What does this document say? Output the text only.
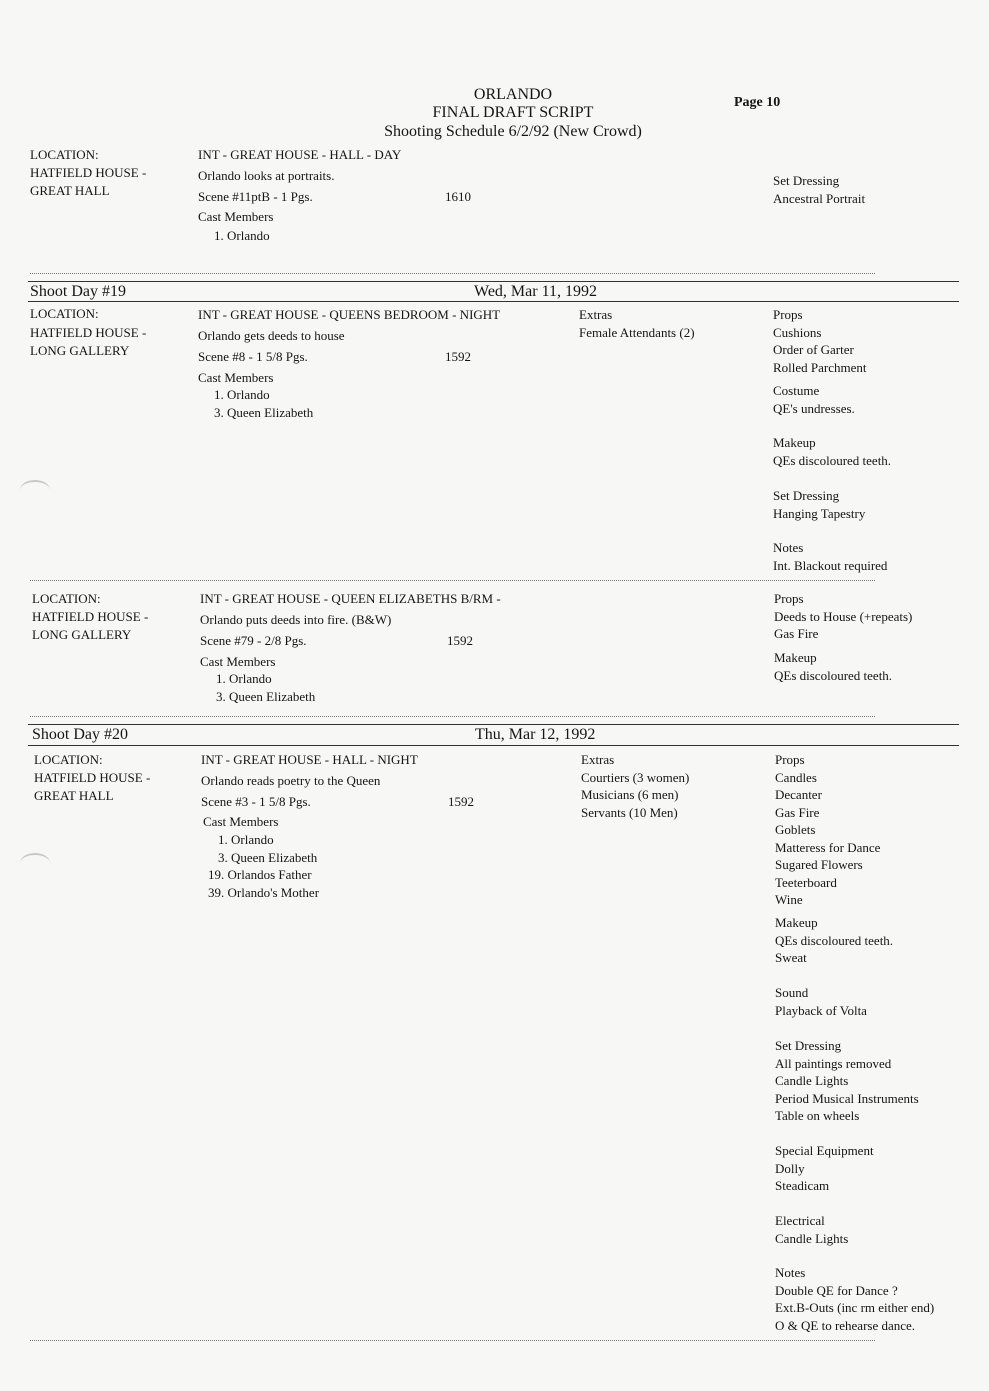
ORLANDO
FINAL DRAFT SCRIPT
Shooting Schedule 6/2/92 (New Crowd)
Page 10
LOCATION:
HATFIELD HOUSE -
GREAT HALL
INT - GREAT HOUSE - HALL - DAY
Orlando looks at portraits.
Scene #11ptB - 1 Pgs.	1610
Cast Members
1. Orlando
Set Dressing
Ancestral Portrait
Shoot Day #19	Wed, Mar 11, 1992
LOCATION:
HATFIELD HOUSE -
LONG GALLERY
INT - GREAT HOUSE - QUEENS BEDROOM - NIGHT
Orlando gets deeds to house
Scene #8 - 1 5/8 Pgs.	1592
Cast Members
1. Orlando
3. Queen Elizabeth
Extras
Female Attendants (2)
Props
Cushions
Order of Garter
Rolled Parchment
Costume
QE's undresses.
Makeup
QEs discoloured teeth.
Set Dressing
Hanging Tapestry
Notes
Int. Blackout required
LOCATION:
HATFIELD HOUSE -
LONG GALLERY
INT - GREAT HOUSE - QUEEN ELIZABETHS B/RM -
Orlando puts deeds into fire. (B&W)
Scene #79 - 2/8 Pgs.	1592
Cast Members
1. Orlando
3. Queen Elizabeth
Props
Deeds to House (+repeats)
Gas Fire
Makeup
QEs discoloured teeth.
Shoot Day #20	Thu, Mar 12, 1992
LOCATION:
HATFIELD HOUSE -
GREAT HALL
INT - GREAT HOUSE - HALL - NIGHT
Orlando reads poetry to the Queen
Scene #3 - 1 5/8 Pgs.	1592
Cast Members
1. Orlando
3. Queen Elizabeth
19. Orlandos Father
39. Orlando's Mother
Extras
Courtiers (3 women)
Musicians (6 men)
Servants (10 Men)
Props
Candles
Decanter
Gas Fire
Goblets
Matteress for Dance
Sugared Flowers
Teeterboard
Wine
Makeup
QEs discoloured teeth.
Sweat
Sound
Playback of Volta
Set Dressing
All paintings removed
Candle Lights
Period Musical Instruments
Table on wheels
Special Equipment
Dolly
Steadicam
Electrical
Candle Lights
Notes
Double QE for Dance ?
Ext.B-Outs (inc rm either end)
O & QE to rehearse dance.
